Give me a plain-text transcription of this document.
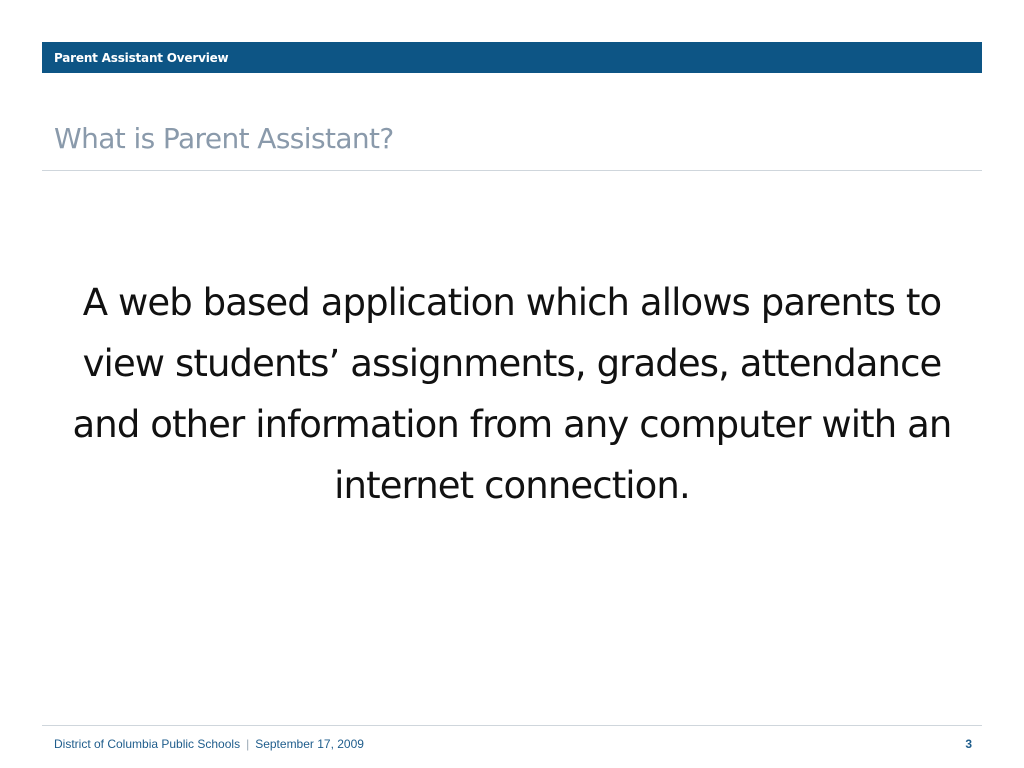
Parent Assistant Overview
What is Parent Assistant?
A web based application which allows parents to view students’ assignments, grades, attendance and other information from any computer with an internet connection.
District of Columbia Public Schools | September 17, 2009	3
